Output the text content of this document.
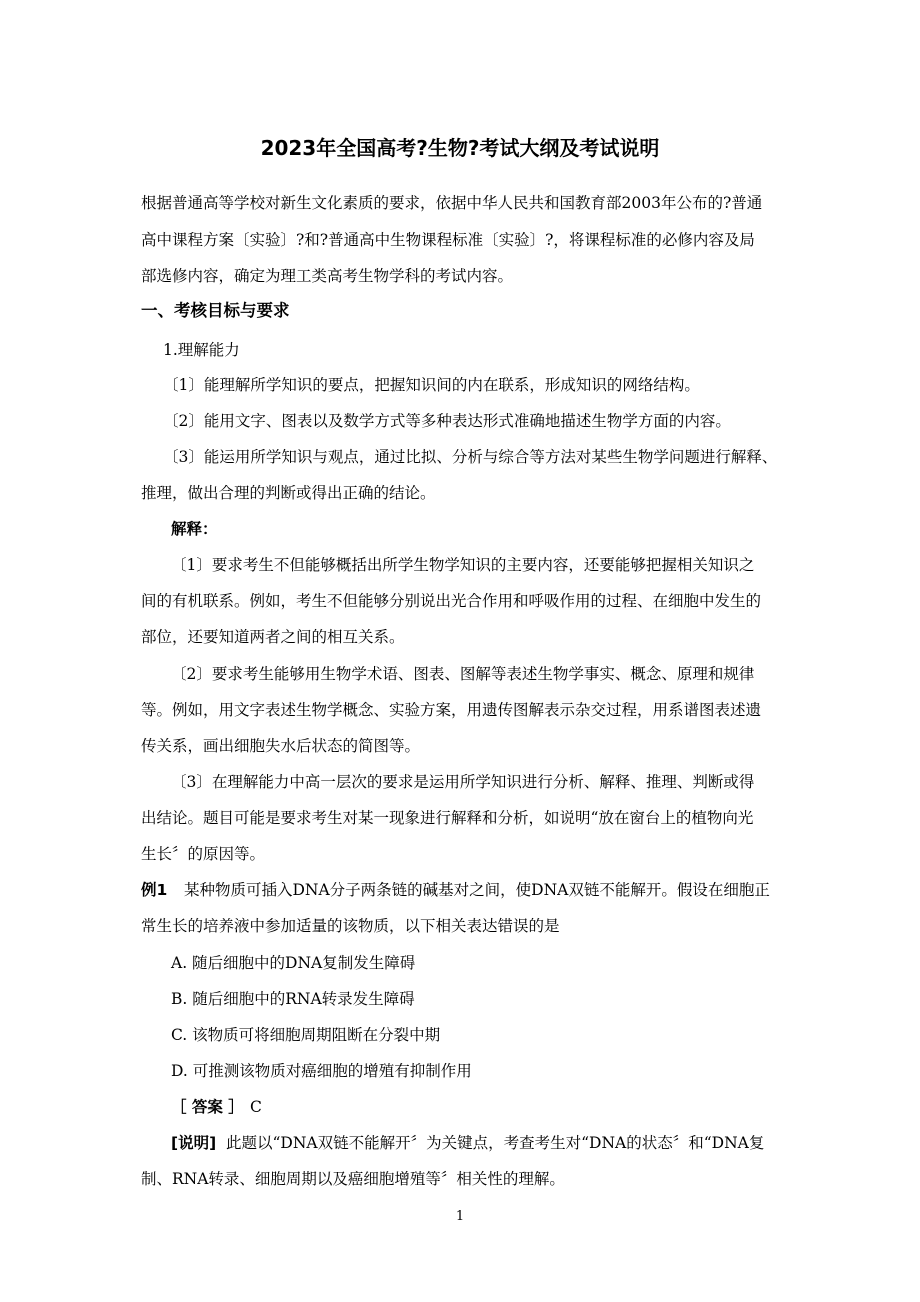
2023年全国高考?生物?考试大纲及考试说明
根据普通高等学校对新生文化素质的要求，依据中华人民共和国教育部2003年公布的?普通
高中课程方案〔实验〕?和?普通高中生物课程标准〔实验〕?，将课程标准的必修内容及局
部选修内容，确定为理工类高考生物学科的考试内容。
一、考核目标与要求
1.理解能力
〔1〕能理解所学知识的要点，把握知识间的内在联系，形成知识的网络结构。
〔2〕能用文字、图表以及数学方式等多种表达形式准确地描述生物学方面的内容。
〔3〕能运用所学知识与观点，通过比拟、分析与综合等方法对某些生物学问题进行解释、
推理，做出合理的判断或得出正确的结论。
解释：
〔1〕要求考生不但能够概括出所学生物学知识的主要内容，还要能够把握相关知识之
间的有机联系。例如，考生不但能够分别说出光合作用和呼吸作用的过程、在细胞中发生的
部位，还要知道两者之间的相互关系。
〔2〕要求考生能够用生物学术语、图表、图解等表述生物学事实、概念、原理和规律
等。例如，用文字表述生物学概念、实验方案，用遗传图解表示杂交过程，用系谱图表述遗
传关系，画出细胞失水后状态的简图等。
〔3〕在理解能力中高一层次的要求是运用所学知识进行分析、解释、推理、判断或得
出结论。题目可能是要求考生对某一现象进行解释和分析，如说明“放在窗台上的植物向光
生长〞的原因等。
例1 某种物质可插入DNA分子两条链的碱基对之间，使DNA双链不能解开。假设在细胞正
常生长的培养液中参加适量的该物质，以下相关表达错误的是
A. 随后细胞中的DNA复制发生障碍
B. 随后细胞中的RNA转录发生障碍
C. 该物质可将细胞周期阻断在分裂中期
D. 可推测该物质对癌细胞的增殖有抑制作用
［ 答案 ］ C
[说明] 此题以“DNA双链不能解开〞为关键点，考查考生对“DNA的状态〞和“DNA复
制、RNA转录、细胞周期以及癌细胞增殖等〞相关性的理解。
1
